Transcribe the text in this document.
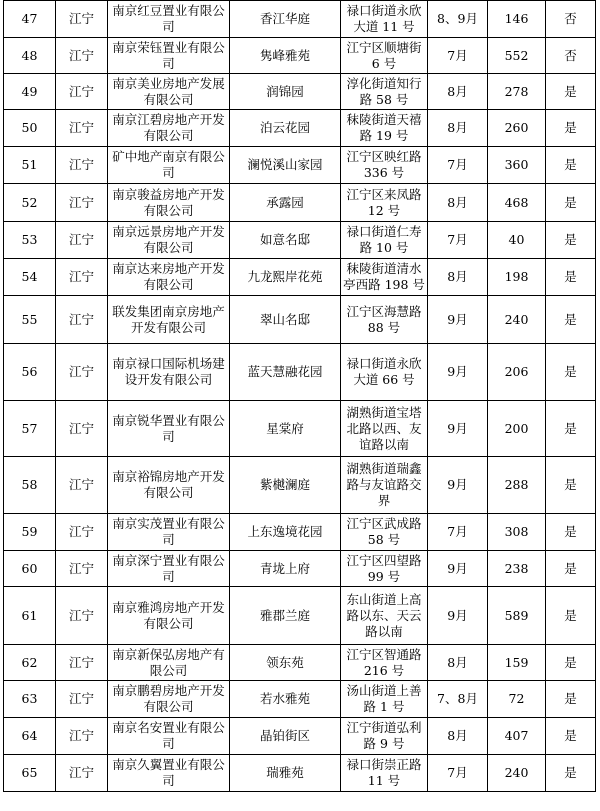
47	江宁	南京红豆置业有限公司	香江华庭	禄口街道永欣大道 11 号	8、9月	146	否
48	江宁	南京荣钰置业有限公司	隽峰雅苑	江宁区顺塘街 6 号	7月	552	否
49	江宁	南京美业房地产发展有限公司	润锦园	淳化街道知行路 58 号	8月	278	是
50	江宁	南京江碧房地产开发有限公司	泊云花园	秣陵街道天禧路 19 号	8月	260	是
51	江宁	矿中地产南京有限公司	澜悦溪山家园	江宁区映红路 336 号	7月	360	是
52	江宁	南京骏益房地产开发有限公司	承露园	江宁区来凤路 12 号	8月	468	是
53	江宁	南京远景房地产开发有限公司	如意名邸	禄口街道仁寿路 10 号	7月	40	是
54	江宁	南京达来房地产开发有限公司	九龙熙岸花苑	秣陵街道清水亭西路 198 号	8月	198	是
55	江宁	联发集团南京房地产开发有限公司	翠山名邸	江宁区海慧路 88 号	9月	240	是
56	江宁	南京禄口国际机场建设开发有限公司	蓝天慧融花园	禄口街道永欣大道 66 号	9月	206	是
57	江宁	南京锐华置业有限公司	星棠府	湖熟街道宝塔北路以西、友谊路以南	9月	200	是
58	江宁	南京裕锦房地产开发有限公司	紫樾澜庭	湖熟街道瑞鑫路与友谊路交界	9月	288	是
59	江宁	南京实茂置业有限公司	上东逸境花园	江宁区武成路 58 号	7月	308	是
60	江宁	南京深宁置业有限公司	青垅上府	江宁区四望路 99 号	9月	238	是
61	江宁	南京雅鸿房地产开发有限公司	雅郡兰庭	东山街道上高路以东、天云路以南	9月	589	是
62	江宁	南京新保弘房地产有限公司	领东苑	江宁区智通路 216 号	8月	159	是
63	江宁	南京鹏碧房地产开发有限公司	若水雅苑	汤山街道上善路 1 号	7、8月	72	是
64	江宁	南京名安置业有限公司	晶铂街区	江宁街道弘利路 9 号	8月	407	是
65	江宁	南京久翼置业有限公司	瑞雅苑	禄口街崇正路 11 号	7月	240	是
